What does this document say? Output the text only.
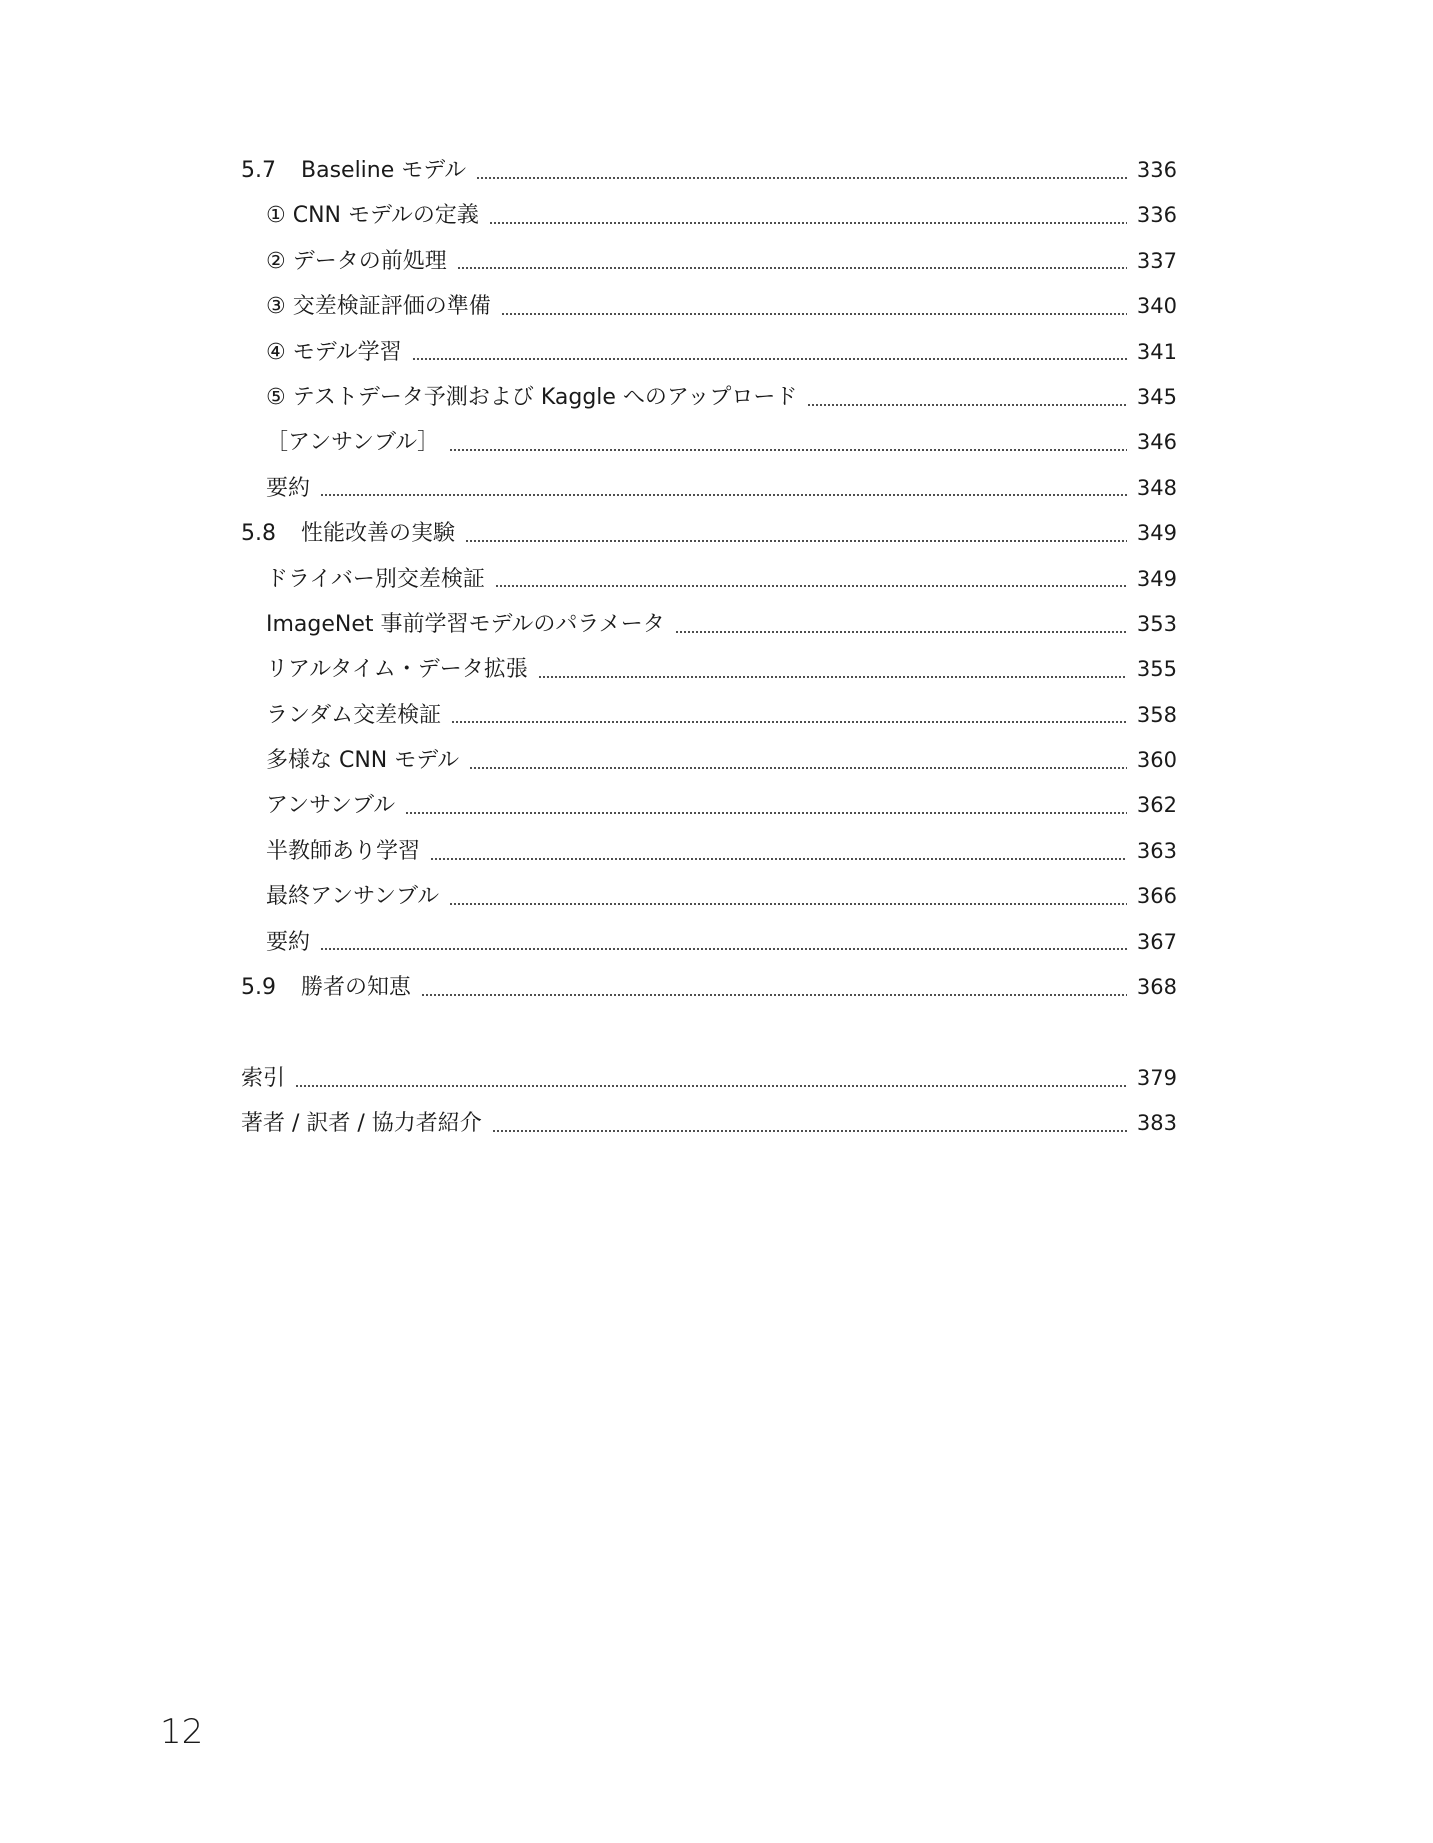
5.7	Baseline モデル	336
① CNN モデルの定義	336
② データの前処理	337
③ 交差検証評価の準備	340
④ モデル学習	341
⑤ テストデータ予測および Kaggle へのアップロード	345
［アンサンブル］	346
要約	348
5.8	性能改善の実験	349
ドライバー別交差検証	349
ImageNet 事前学習モデルのパラメータ	353
リアルタイム・データ拡張	355
ランダム交差検証	358
多様な CNN モデル	360
アンサンブル	362
半教師あり学習	363
最終アンサンブル	366
要約	367
5.9	勝者の知恵	368
索引	379
著者 / 訳者 / 協力者紹介	383
12
